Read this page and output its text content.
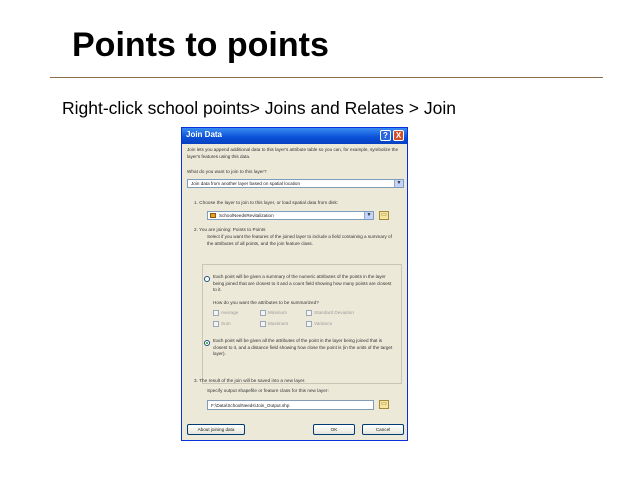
Points to points
Right-click school points> Joins and Relates > Join
Join Data	? X
Join lets you append additional data to this layer's attribute table so you can, for example, symbolize the layer's features using this data.
What do you want to join to this layer?
Join data from another layer based on spatial location	▼
1. Choose the layer to join to this layer, or load spatial data from disk:
SchoolNeedsRevitalization	▼	▭
2. You are joining: Points to Points
Select if you want the features of the joined layer to include a field containing a summary of the attributes of all points, and the join feature class.
Each point will be given a summary of the numeric attributes of the points in the layer being joined that are closest to it and a count field showing how many points are closest to it.
How do you want the attributes to be summarized?
Average	Minimum	Standard Deviation
Sum	Maximum	Variance
Each point will be given all the attributes of the point in the layer being joined that is closest to it, and a distance field showing how close the point is (in the units of the target layer).
3. The result of the join will be saved into a new layer.
Specify output shapefile or feature class for this new layer:
F:\Data\SchoolNeeds\Join_Output.shp	▭
About joining data	OK	Cancel
